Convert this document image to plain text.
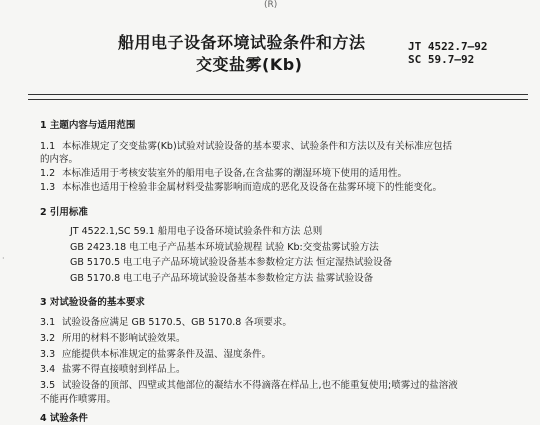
(R)
船用电子设备环境试验条件和方法
交变盐雾(Kb)
JT 4522.7—92
SC 59.7—92
1 主题内容与适用范围
1.1 本标准规定了交变盐雾(Kb)试验对试验设备的基本要求、试验条件和方法以及有关标准应包括
的内容。
1.2 本标准适用于考核安装室外的船用电子设备,在含盐雾的潮湿环境下使用的适用性。
1.3 本标准也适用于检验非金属材料受盐雾影响而造成的恶化及设备在盐雾环境下的性能变化。
2 引用标准
JT 4522.1,SC 59.1 船用电子设备环境试验条件和方法 总则
GB 2423.18 电工电子产品基本环境试验规程 试验 Kb:交变盐雾试验方法
GB 5170.5 电工电子产品环境试验设备基本参数检定方法 恒定湿热试验设备
GB 5170.8 电工电子产品环境试验设备基本参数检定方法 盐雾试验设备
·
3 对试验设备的基本要求
3.1 试验设备应满足 GB 5170.5、GB 5170.8 各项要求。
3.2 所用的材料不影响试验效果。
3.3 应能提供本标准规定的盐雾条件及温、湿度条件。
3.4 盐雾不得直接喷射到样品上。
3.5 试验设备的顶部、四壁或其他部位的凝结水不得滴落在样品上,也不能重复使用;喷雾过的盐溶液
不能再作喷雾用。
4 试验条件
